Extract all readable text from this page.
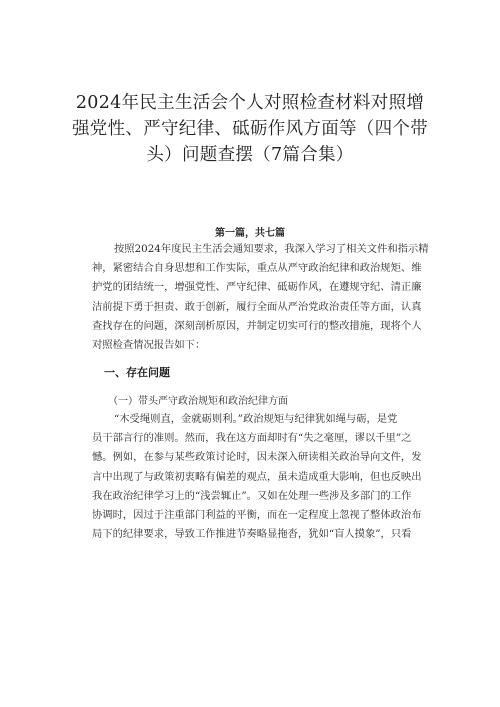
2024年民主生活会个人对照检查材料对照增
强党性、严守纪律、砥砺作风方面等（四个带
头）问题查摆（7篇合集）
第一篇，共七篇
按照2024年度民主生活会通知要求，我深入学习了相关文件和指示精
神，紧密结合自身思想和工作实际，重点从严守政治纪律和政治规矩、维
护党的团结统一，增强党性、严守纪律、砥砺作风，在遵规守纪、清正廉
洁前提下勇于担责、敢于创新，履行全面从严治党政治责任等方面，认真
查找存在的问题，深刻剖析原因，并制定切实可行的整改措施，现将个人
对照检查情况报告如下：
一、存在问题
（一）带头严守政治规矩和政治纪律方面
“木受绳则直，金就砺则利。”政治规矩与纪律犹如绳与砺，是党
员干部言行的准则。然而，我在这方面却时有“失之毫厘，谬以千里”之
憾。例如，在参与某些政策讨论时，因未深入研读相关政治导向文件，发
言中出现了与政策初衷略有偏差的观点，虽未造成重大影响，但也反映出
我在政治纪律学习上的“浅尝辄止”。又如在处理一些涉及多部门的工作
协调时，因过于注重部门利益的平衡，而在一定程度上忽视了整体政治布
局下的纪律要求，导致工作推进节奏略显拖沓，犹如“盲人摸象”，只看
